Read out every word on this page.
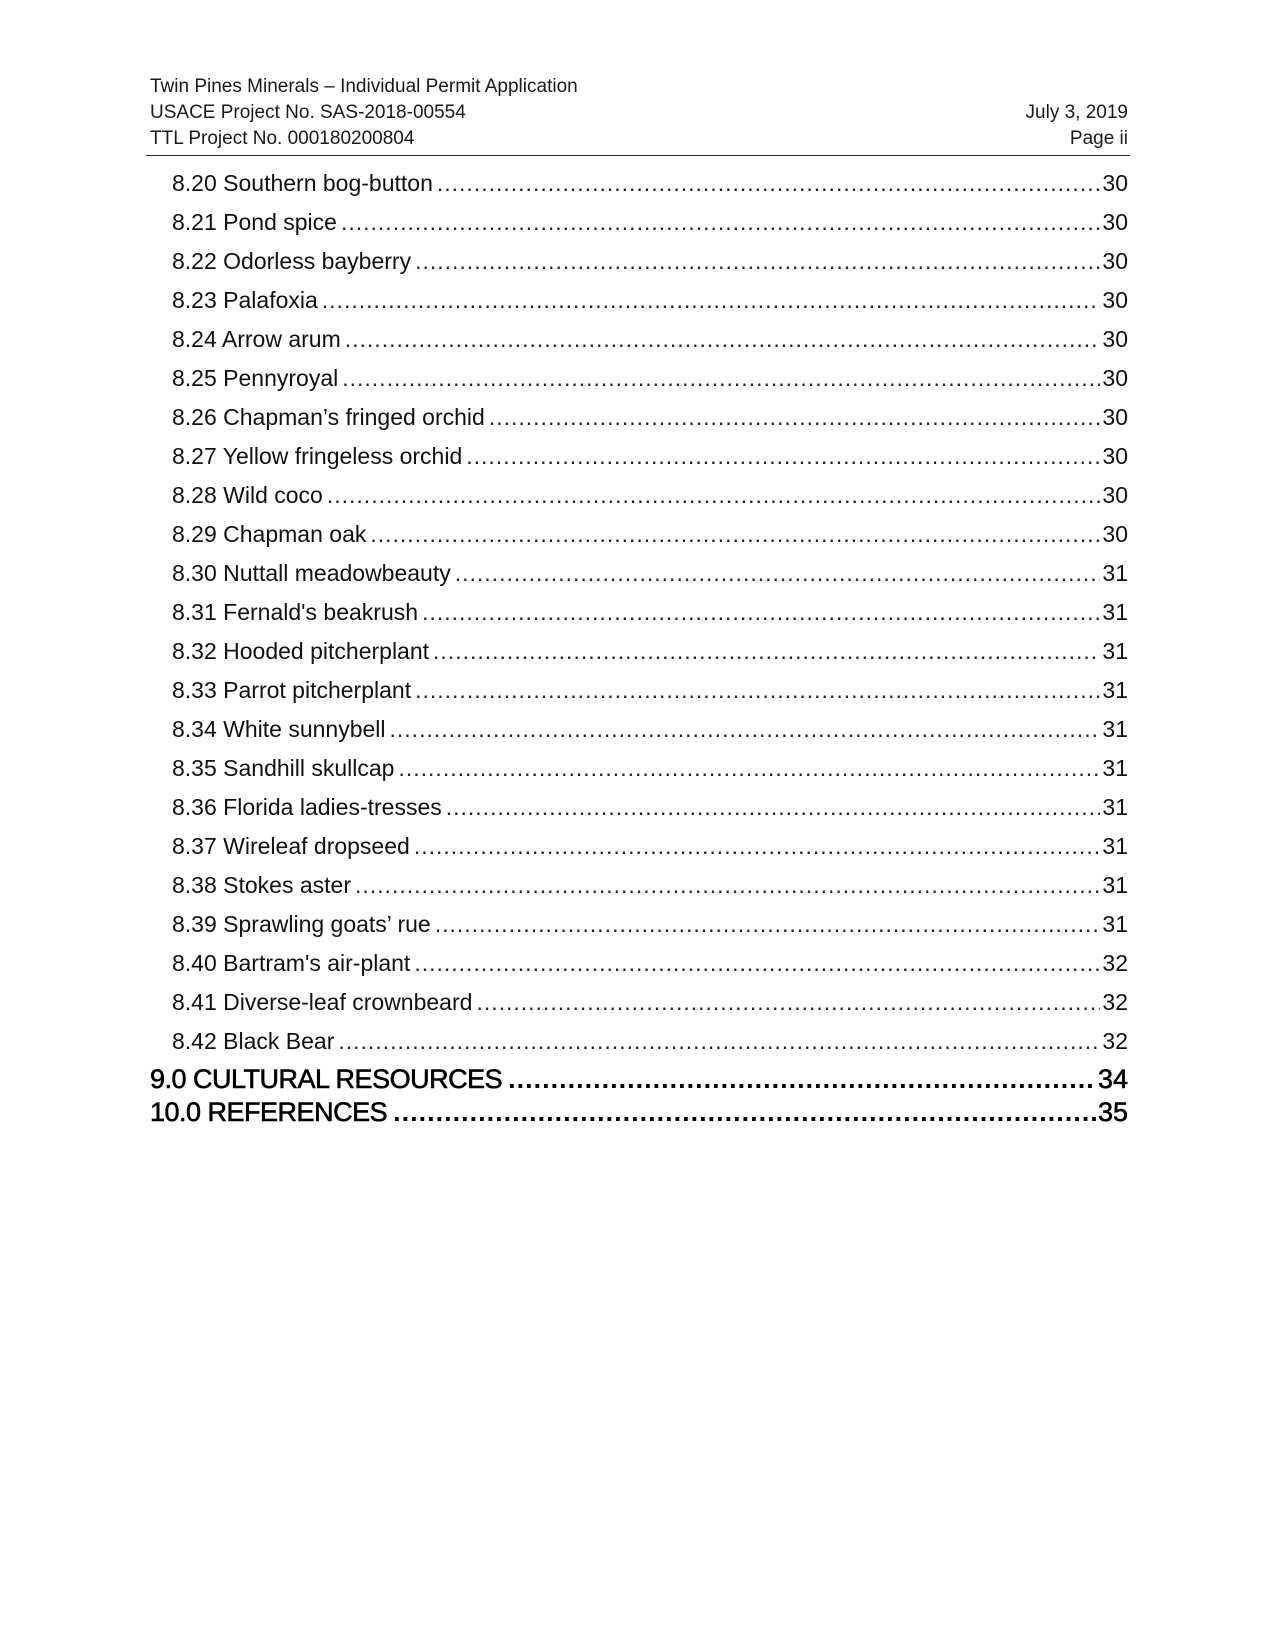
Twin Pines Minerals – Individual Permit Application
USACE Project No. SAS-2018-00554	July 3, 2019
TTL Project No. 000180200804	Page ii
8.20 Southern bog-button .....	30
8.21 Pond spice .....	30
8.22 Odorless bayberry .....	30
8.23 Palafoxia .....	30
8.24 Arrow arum .....	30
8.25 Pennyroyal .....	30
8.26 Chapman’s fringed orchid .....	30
8.27 Yellow fringeless orchid .....	30
8.28 Wild coco .....	30
8.29 Chapman oak .....	30
8.30 Nuttall meadowbeauty .....	31
8.31 Fernald's beakrush .....	31
8.32 Hooded pitcherplant .....	31
8.33 Parrot pitcherplant .....	31
8.34 White sunnybell .....	31
8.35 Sandhill skullcap .....	31
8.36 Florida ladies-tresses .....	31
8.37 Wireleaf dropseed .....	31
8.38 Stokes aster .....	31
8.39 Sprawling goats’ rue .....	31
8.40 Bartram's air-plant .....	32
8.41 Diverse-leaf crownbeard .....	32
8.42 Black Bear .....	32
9.0 CULTURAL RESOURCES .....	34
10.0 REFERENCES .....	35
